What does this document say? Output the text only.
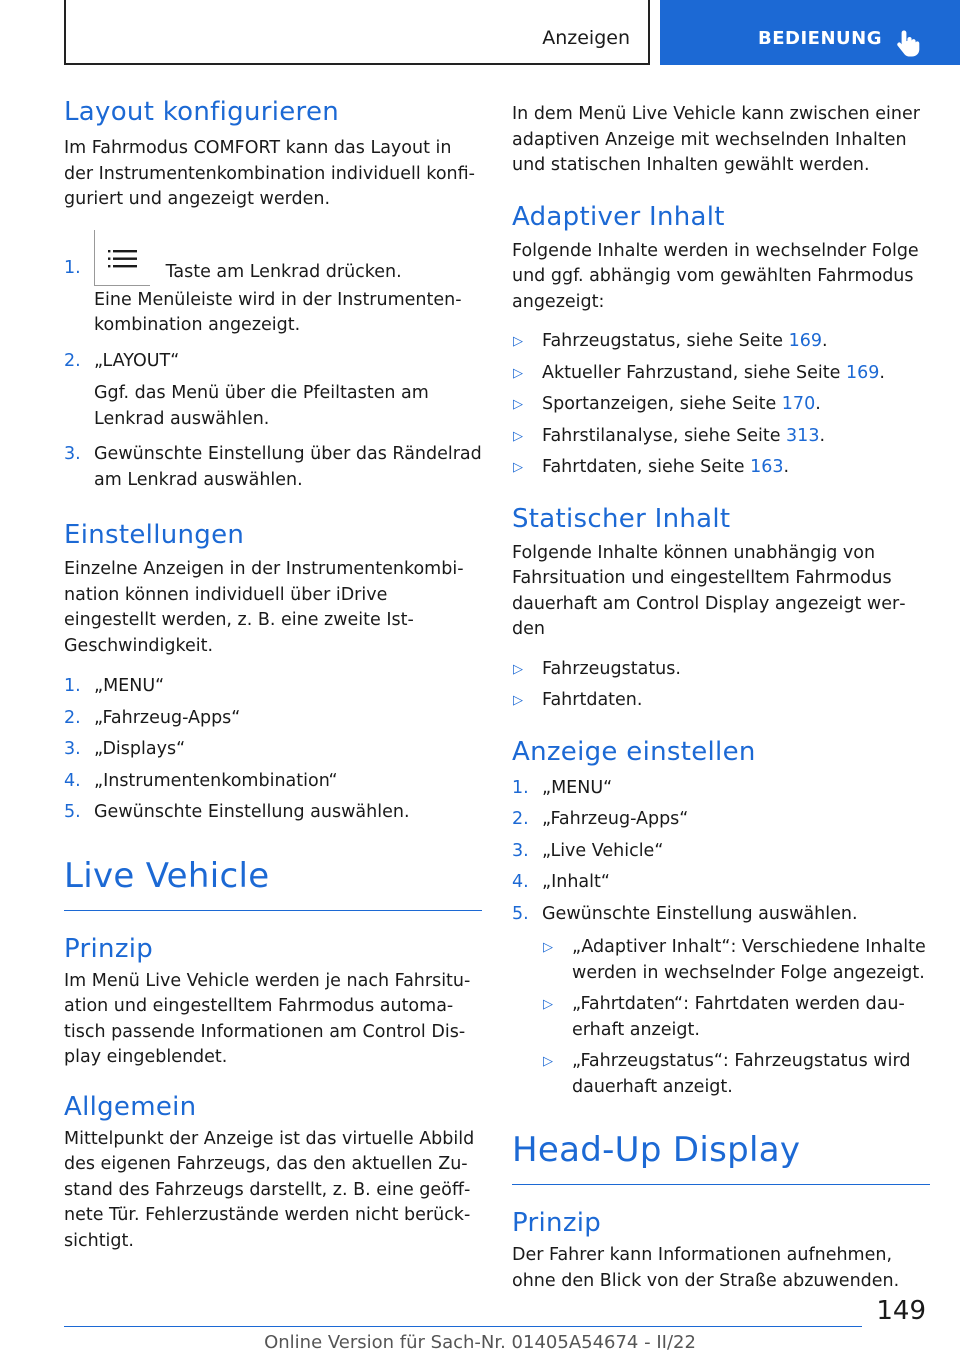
Anzeigen	BEDIENUNG
Layout konfigurieren

Im Fahrmodus COMFORT kann das Layout in der Instrumentenkombination individuell konfiguriert und angezeigt werden.

1.	Taste am Lenkrad drücken.
Eine Menüleiste wird in der Instrumentenkombination angezeigt.
2. „LAYOUT“
Ggf. das Menü über die Pfeiltasten am Lenkrad auswählen.
3. Gewünschte Einstellung über das Rändelrad am Lenkrad auswählen.
Einstellungen

Einzelne Anzeigen in der Instrumentenkombination können individuell über iDrive eingestellt werden, z. B. eine zweite Ist-Geschwindigkeit.

1. „MENU“
2. „Fahrzeug-Apps“
3. „Displays“
4. „Instrumentenkombination“
5. Gewünschte Einstellung auswählen.
Live Vehicle
Prinzip

Im Menü Live Vehicle werden je nach Fahrsituation und eingestelltem Fahrmodus automatisch passende Informationen am Control Display eingeblendet.

Allgemein

Mittelpunkt der Anzeige ist das virtuelle Abbild des eigenen Fahrzeugs, das den aktuellen Zustand des Fahrzeugs darstellt, z. B. eine geöffnete Tür. Fehlerzustände werden nicht berücksichtigt.

In dem Menü Live Vehicle kann zwischen einer adaptiven Anzeige mit wechselnden Inhalten und statischen Inhalten gewählt werden.

Adaptiver Inhalt

Folgende Inhalte werden in wechselnder Folge und ggf. abhängig vom gewählten Fahrmodus angezeigt:

▷ Fahrzeugstatus, siehe Seite 169.
▷ Aktueller Fahrzustand, siehe Seite 169.
▷ Sportanzeigen, siehe Seite 170.
▷ Fahrstilanalyse, siehe Seite 313.
▷ Fahrtdaten, siehe Seite 163.
Statischer Inhalt

Folgende Inhalte können unabhängig von Fahrsituation und eingestelltem Fahrmodus dauerhaft am Control Display angezeigt werden

▷ Fahrzeugstatus.
▷ Fahrtdaten.
Anzeige einstellen
1. „MENU“
2. „Fahrzeug-Apps“
3. „Live Vehicle“
4. „Inhalt“
5. Gewünschte Einstellung auswählen.
▷ „Adaptiver Inhalt“: Verschiedene Inhalte werden in wechselnder Folge angezeigt.
▷ „Fahrtdaten“: Fahrtdaten werden dauerhaft anzeigt.
▷ „Fahrzeugstatus“: Fahrzeugstatus wird dauerhaft anzeigt.
Head-Up Display
Prinzip

Der Fahrer kann Informationen aufnehmen, ohne den Blick von der Straße abzuwenden.

149
Online Version für Sach-Nr. 01405A54674 - II/22
